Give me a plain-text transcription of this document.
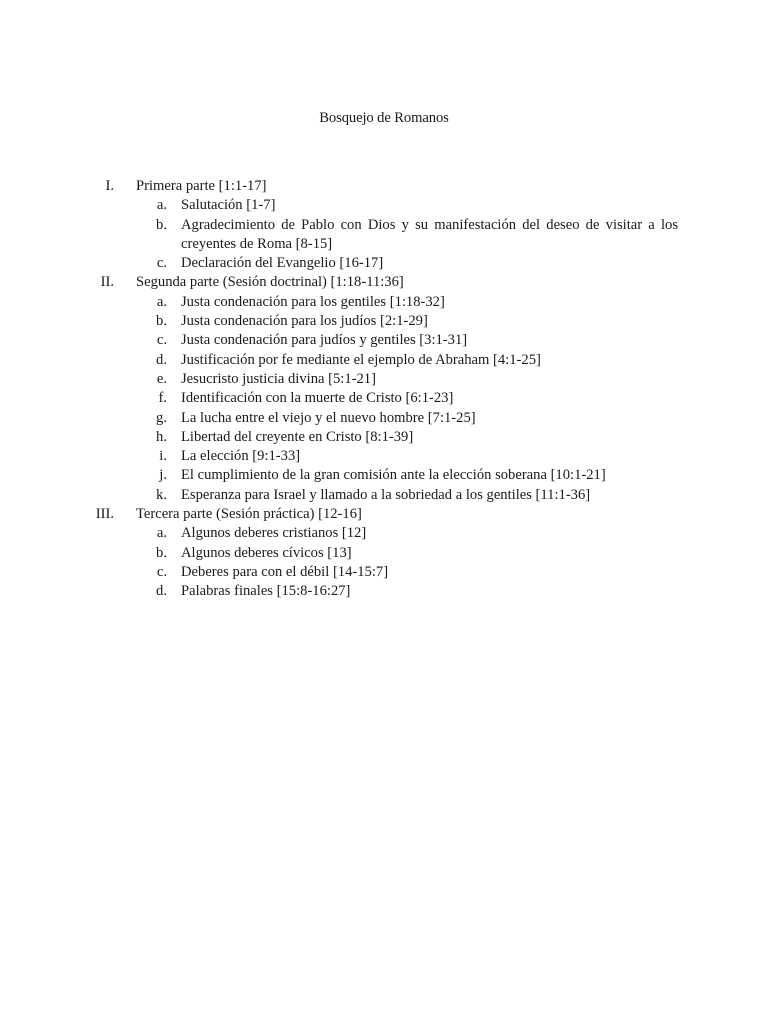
Bosquejo de Romanos
I. Primera parte [1:1-17]
a. Salutación [1-7]
b. Agradecimiento de Pablo con Dios y su manifestación del deseo de visitar a los creyentes de Roma [8-15]
c. Declaración del Evangelio [16-17]
II. Segunda parte (Sesión doctrinal) [1:18-11:36]
a. Justa condenación para los gentiles [1:18-32]
b. Justa condenación para los judíos [2:1-29]
c. Justa condenación para judíos y gentiles [3:1-31]
d. Justificación por fe mediante el ejemplo de Abraham [4:1-25]
e. Jesucristo justicia divina [5:1-21]
f. Identificación con la muerte de Cristo [6:1-23]
g. La lucha entre el viejo y el nuevo hombre [7:1-25]
h. Libertad del creyente en Cristo [8:1-39]
i. La elección [9:1-33]
j. El cumplimiento de la gran comisión ante la elección soberana [10:1-21]
k. Esperanza para Israel y llamado a la sobriedad a los gentiles [11:1-36]
III. Tercera parte (Sesión práctica) [12-16]
a. Algunos deberes cristianos [12]
b. Algunos deberes cívicos [13]
c. Deberes para con el débil [14-15:7]
d. Palabras finales [15:8-16:27]
